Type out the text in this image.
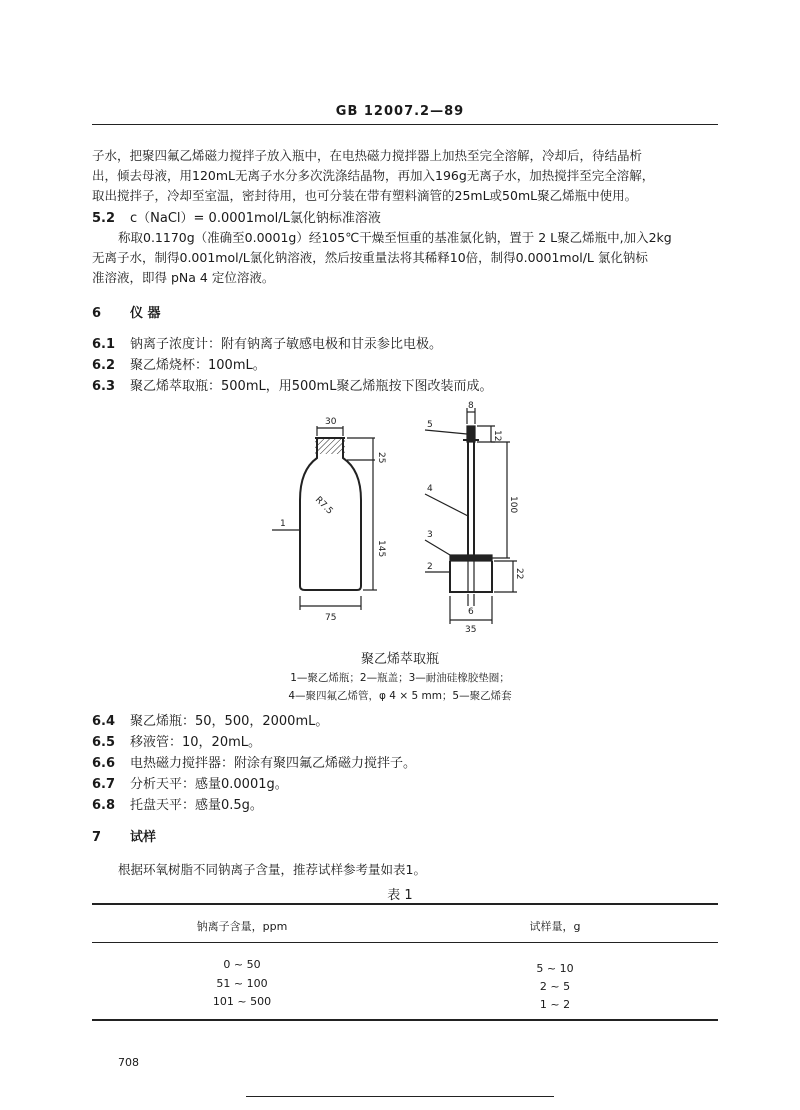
GB 12007.2—89
子水，把聚四氟乙烯磁力搅拌子放入瓶中，在电热磁力搅拌器上加热至完全溶解，冷却后，待结晶析
出，倾去母液，用120mL无离子水分多次洗涤结晶物，再加入196g无离子水，加热搅拌至完全溶解，
取出搅拌子，冷却至室温，密封待用，也可分装在带有塑料滴管的25mL或50mL聚乙烯瓶中使用。
5.2 c（NaCl）= 0.0001mol/L氯化钠标准溶液
称取0.1170g（准确至0.0001g）经105℃干燥至恒重的基准氯化钠，置于 2 L聚乙烯瓶中,加入2kg
无离子水，制得0.001mol/L氯化钠溶液，然后按重量法将其稀释10倍，制得0.0001mol/L 氯化钠标
准溶液，即得 pNa 4 定位溶液。
6 仪 器
6.1 钠离子浓度计：附有钠离子敏感电极和甘汞参比电极。
6.2 聚乙烯烧杯：100mL。
6.3 聚乙烯萃取瓶：500mL，用500mL聚乙烯瓶按下图改装而成。
30
25
145
R7.5
75
1
8
12
100
22
6
35
5
4
3
2
聚乙烯萃取瓶
1—聚乙烯瓶；2—瓶盖；3—耐油硅橡胶垫圈；
4—聚四氟乙烯管，φ 4 × 5 mm；5—聚乙烯套
6.4 聚乙烯瓶：50，500，2000mL。
6.5 移液管：10，20mL。
6.6 电热磁力搅拌器：附涂有聚四氟乙烯磁力搅拌子。
6.7 分析天平：感量0.0001g。
6.8 托盘天平：感量0.5g。
7 试样
根据环氧树脂不同钠离子含量，推荐试样参考量如表1。
表 1
钠离子含量，ppm	试样量，g
0 ~ 50	5 ~ 10
51 ~ 100	2 ~ 5
101 ~ 500	1 ~ 2
708
